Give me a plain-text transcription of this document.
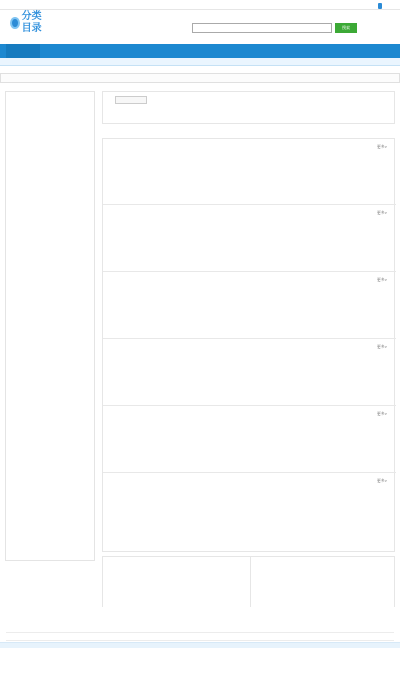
分类目录	搜索
更多>
更多>
更多>
更多>
更多>
更多>
